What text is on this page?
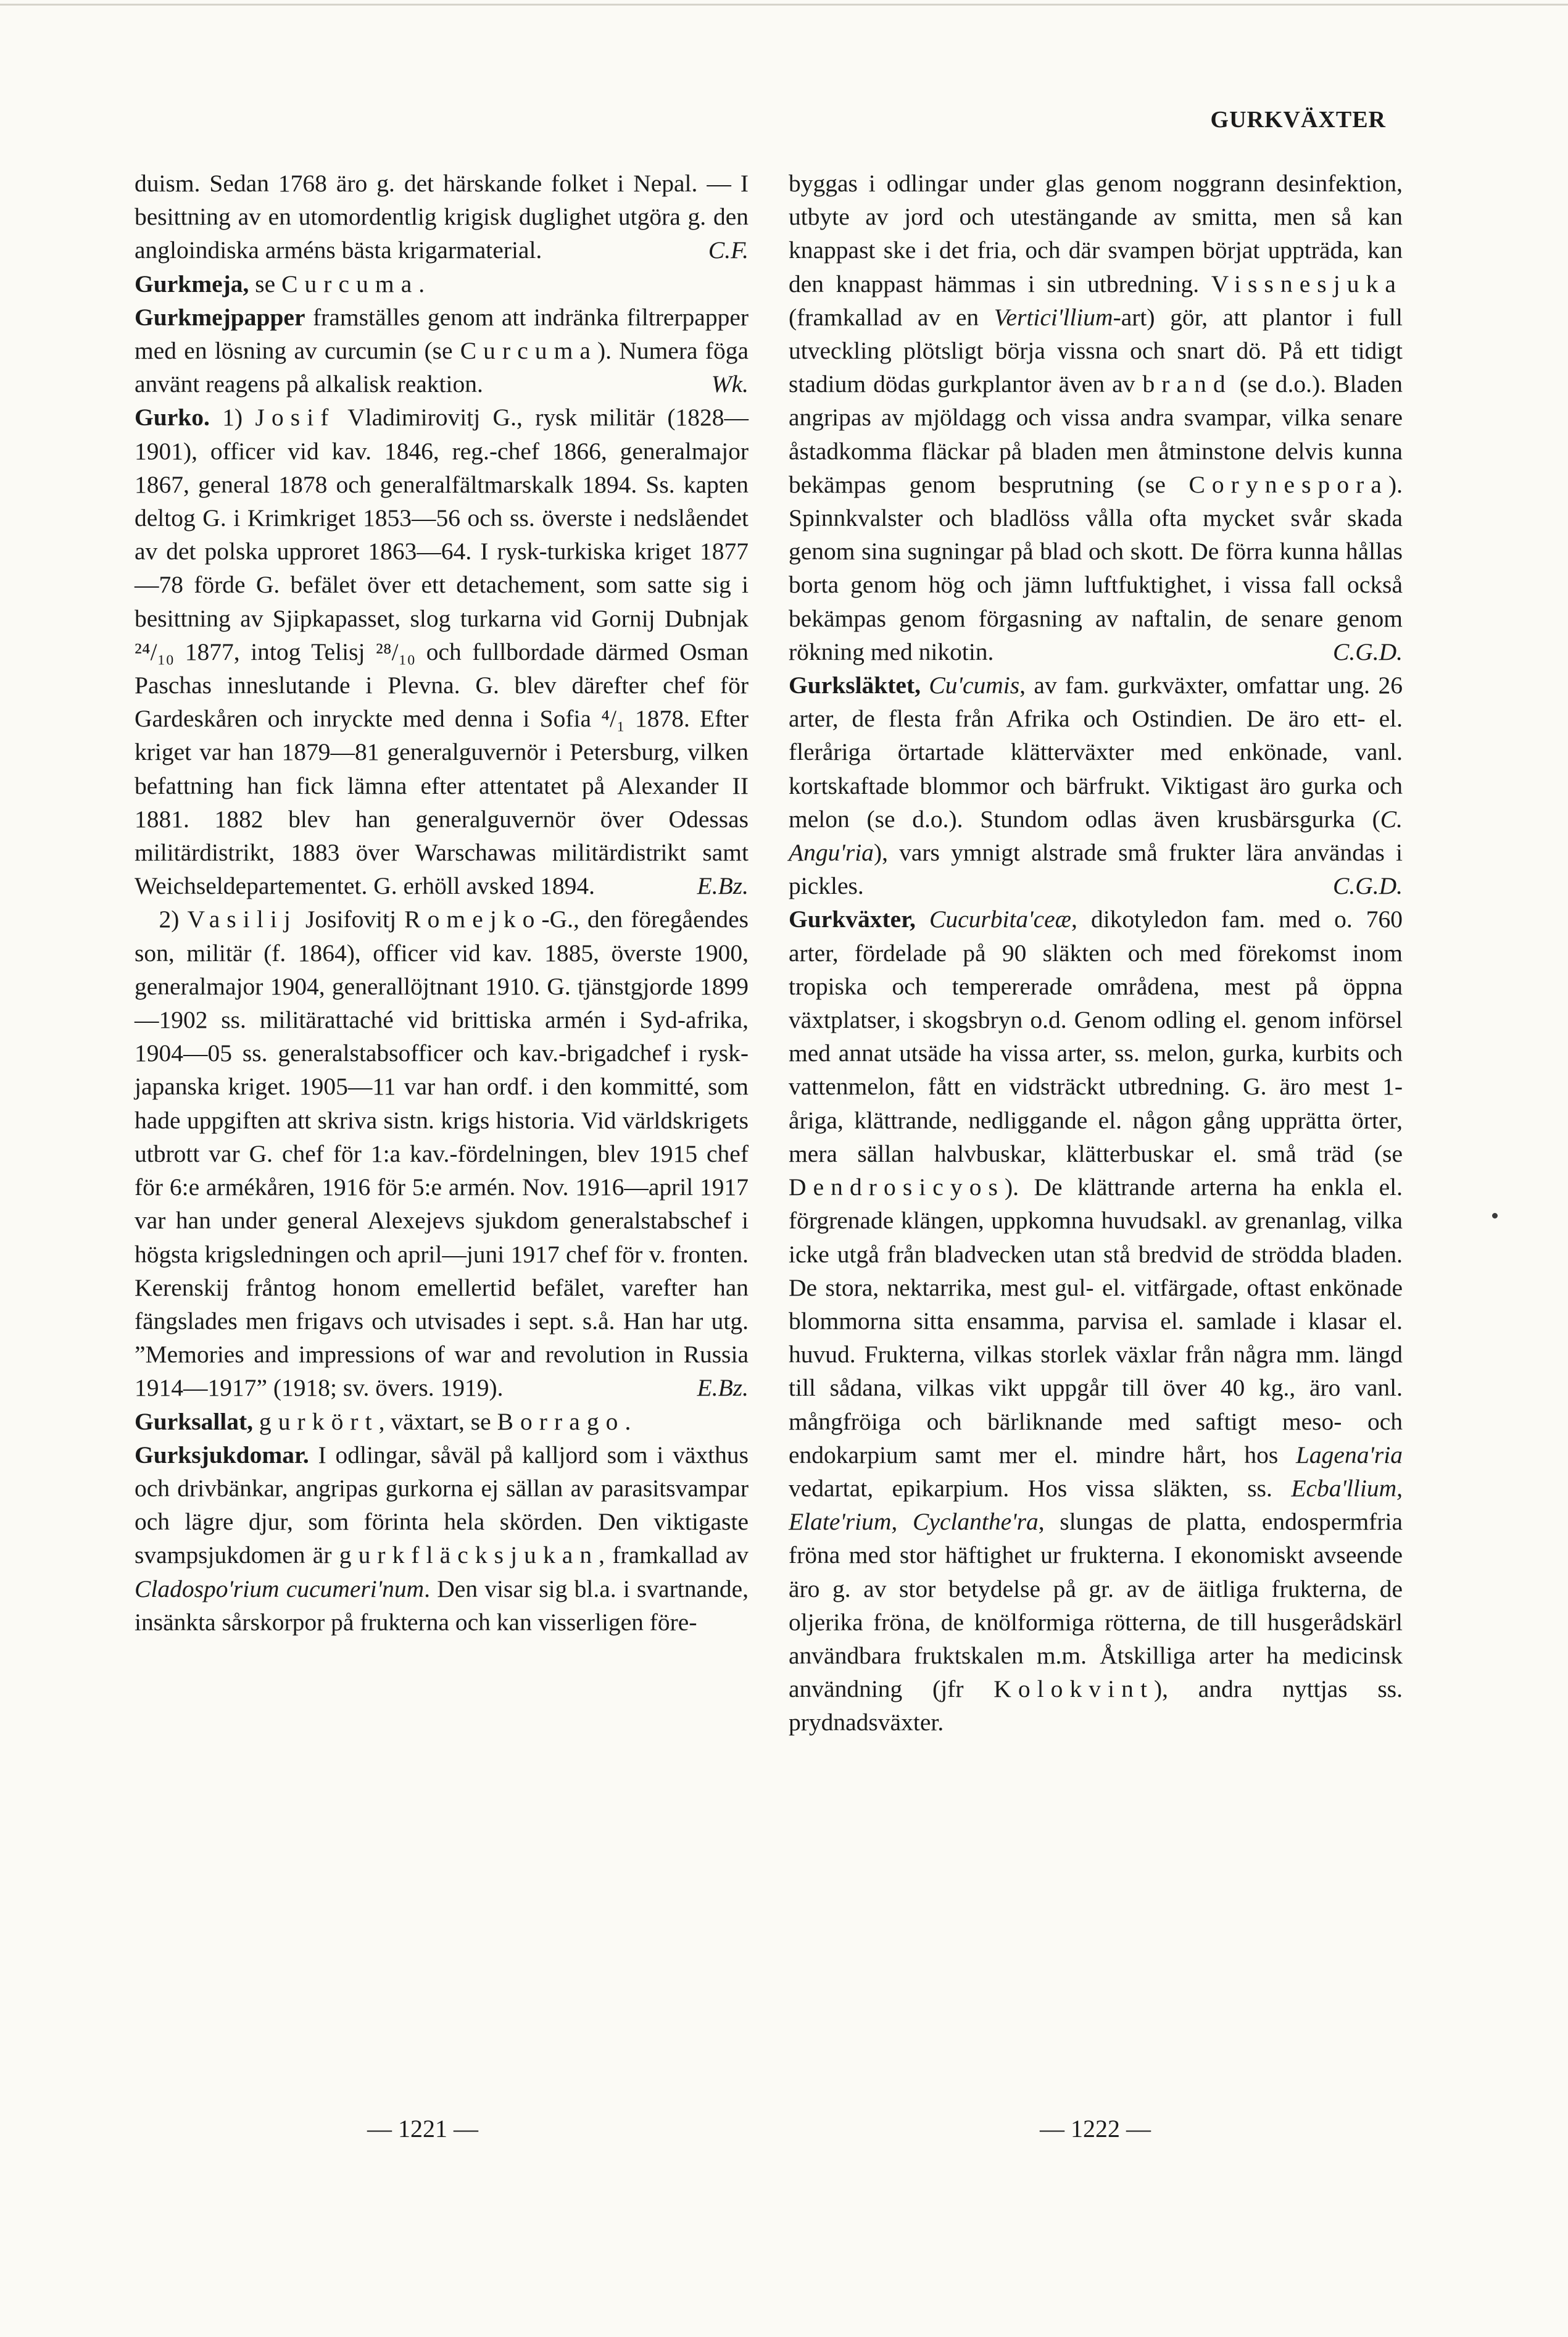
GURKVÄXTER

duism. Sedan 1768 äro g. det härskande folket i Nepal. — I besittning av en utomordentlig krigisk duglighet utgöra g. den angloindiska arméns bästa krigarmaterial.	C.F.

Gurkmeja, se Curcuma.

Gurkmejpapper framställes genom att indränka filtrerpapper med en lösning av curcumin (se Curcuma). Numera föga använt reagens på alkalisk reaktion.	Wk.

Gurko. 1) Josif Vladimirovitj G., rysk militär (1828—1901), officer vid kav. 1846, reg.-chef 1866, generalmajor 1867, general 1878 och generalfältmarskalk 1894. Ss. kapten deltog G. i Krimkriget 1853—56 och ss. överste i nedslåendet av det polska upproret 1863—64. I rysk-turkiska kriget 1877—78 förde G. befälet över ett detachement, som satte sig i besittning av Sjipkapasset, slog turkarna vid Gornij Dubnjak ²⁴/₁₀ 1877, intog Telisj ²⁸/₁₀ och fullbordade därmed Osman Paschas inneslutande i Plevna. G. blev därefter chef för Gardeskåren och inryckte med denna i Sofia ⁴/₁ 1878. Efter kriget var han 1879—81 generalguvernör i Petersburg, vilken befattning han fick lämna efter attentatet på Alexander II 1881. 1882 blev han generalguvernör över Odessas militärdistrikt, 1883 över Warschawas militärdistrikt samt Weichseldepartementet. G. erhöll avsked 1894.	E.Bz.

2) Vasilij Josifovitj Romejko-G., den föregåendes son, militär (f. 1864), officer vid kav. 1885, överste 1900, generalmajor 1904, generallöjtnant 1910. G. tjänstgjorde 1899—1902 ss. militärattaché vid brittiska armén i Syd-afrika, 1904—05 ss. generalstabsofficer och kav.-brigadchef i rysk-japanska kriget. 1905—11 var han ordf. i den kommitté, som hade uppgiften att skriva sistn. krigs historia. Vid världskrigets utbrott var G. chef för 1:a kav.-fördelningen, blev 1915 chef för 6:e armékåren, 1916 för 5:e armén. Nov. 1916—april 1917 var han under general Alexejevs sjukdom generalstabschef i högsta krigsledningen och april—juni 1917 chef för v. fronten. Kerenskij fråntog honom emellertid befälet, varefter han fängslades men frigavs och utvisades i sept. s.å. Han har utg. ”Memories and impressions of war and revolution in Russia 1914—1917” (1918; sv. övers. 1919).	E.Bz.

Gurksallat, gurkört, växtart, se Borrago.

Gurksjukdomar. I odlingar, såväl på kalljord som i växthus och drivbänkar, angripas gurkorna ej sällan av parasitsvampar och lägre djur, som förinta hela skörden. Den viktigaste svampsjukdomen är gurkfläcksjukan, framkallad av Cladospo'rium cucumeri'num. Den visar sig bl.a. i svartnande, insänkta sårskorpor på frukterna och kan visserligen före-

byggas i odlingar under glas genom noggrann desinfektion, utbyte av jord och utestängande av smitta, men så kan knappast ske i det fria, och där svampen börjat uppträda, kan den knappast hämmas i sin utbredning. Vissnesjuka (framkallad av en Vertici'llium-art) gör, att plantor i full utveckling plötsligt börja vissna och snart dö. På ett tidigt stadium dödas gurkplantor även av brand (se d.o.). Bladen angripas av mjöldagg och vissa andra svampar, vilka senare åstadkomma fläckar på bladen men åtminstone delvis kunna bekämpas genom besprutning (se Corynespora). Spinnkvalster och bladlöss vålla ofta mycket svår skada genom sina sugningar på blad och skott. De förra kunna hållas borta genom hög och jämn luftfuktighet, i vissa fall också bekämpas genom förgasning av naftalin, de senare genom rökning med nikotin.	C.G.D.

Gurksläktet, Cu'cumis, av fam. gurkväxter, omfattar ung. 26 arter, de flesta från Afrika och Ostindien. De äro ett- el. fleråriga örtartade klätterväxter med enkönade, vanl. kortskaftade blommor och bärfrukt. Viktigast äro gurka och melon (se d.o.). Stundom odlas även krusbärsgurka (C. Angu'ria), vars ymnigt alstrade små frukter lära användas i pickles.	C.G.D.

Gurkväxter, Cucurbita'ceæ, dikotyledon fam. med o. 760 arter, fördelade på 90 släkten och med förekomst inom tropiska och tempererade områdena, mest på öppna växtplatser, i skogsbryn o.d. Genom odling el. genom införsel med annat utsäde ha vissa arter, ss. melon, gurka, kurbits och vattenmelon, fått en vidsträckt utbredning. G. äro mest 1-åriga, klättrande, nedliggande el. någon gång upprätta örter, mera sällan halvbuskar, klätterbuskar el. små träd (se Dendrosicyos). De klättrande arterna ha enkla el. förgrenade klängen, uppkomna huvudsakl. av grenanlag, vilka icke utgå från bladvecken utan stå bredvid de strödda bladen. De stora, nektarrika, mest gul- el. vitfärgade, oftast enkönade blommorna sitta ensamma, parvisa el. samlade i klasar el. huvud. Frukterna, vilkas storlek växlar från några mm. längd till sådana, vilkas vikt uppgår till över 40 kg., äro vanl. mångfröiga och bärliknande med saftigt meso- och endokarpium samt mer el. mindre hårt, hos Lagena'ria vedartat, epikarpium. Hos vissa släkten, ss. Ecba'llium, Elate'rium, Cyclanthe'ra, slungas de platta, endospermfria fröna med stor häftighet ur frukterna. I ekonomiskt avseende äro g. av stor betydelse på gr. av de äitliga frukterna, de oljerika fröna, de knölformiga rötterna, de till husgerådskärl användbara fruktskalen m.m. Åtskilliga arter ha medicinsk användning (jfr Kolokvint), andra nyttjas ss. prydnadsväxter.

— 1221 —	— 1222 —
